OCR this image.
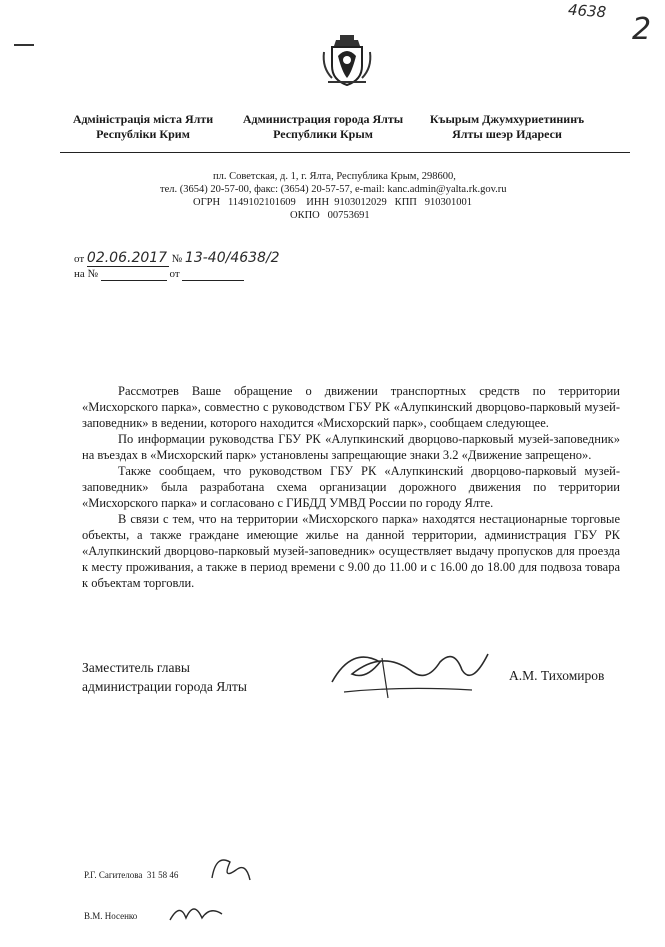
4638
2
Адміністрація міста Ялти
Республіки Крим
Администрация города Ялты
Республики Крым
Къырым Джумхуриетининъ
Ялты шеэр Идареси
пл. Советская, д. 1, г. Ялта, Республика Крым, 298600,
тел. (3654) 20-57-00, факс: (3654) 20-57-57, e-mail: kanc.admin@yalta.rk.gov.ru
ОГРН   1149102101609    ИНН  9103012029   КПП   910301001
ОКПО   00753691
от 02.06.2017 № 13-40/4638/2
на №	от

Рассмотрев Ваше обращение о движении транспортных средств по территории «Мисхорского парка», совместно с руководством ГБУ РК «Алупкинский дворцово-парковый музей-заповедник» в ведении, которого находится «Мисхорский парк», сообщаем следующее.

По информации руководства ГБУ РК «Алупкинский дворцово-парковый музей-заповедник» на въездах в «Мисхорский парк» установлены запрещающие знаки 3.2 «Движение запрещено».

Также сообщаем, что руководством ГБУ РК «Алупкинский дворцово-парковый музей-заповедник» была разработана схема организации дорожного движения по территории «Мисхорского парка» и согласовано с ГИБДД УМВД России по городу Ялте.

В связи с тем, что на территории «Мисхорского парка» находятся нестационарные торговые объекты, а также граждане имеющие жилье на данной территории, администрация ГБУ РК «Алупкинский дворцово-парковый музей-заповедник» осуществляет выдачу пропусков для проезда к месту проживания, а также в период времени с 9.00 до 11.00 и с 16.00 до 18.00 для подвоза товара к объектам торговли.

Заместитель главы
администрации города Ялты
А.М. Тихомиров
Р.Г. Сагителова  31 58 46
В.М. Носенко
